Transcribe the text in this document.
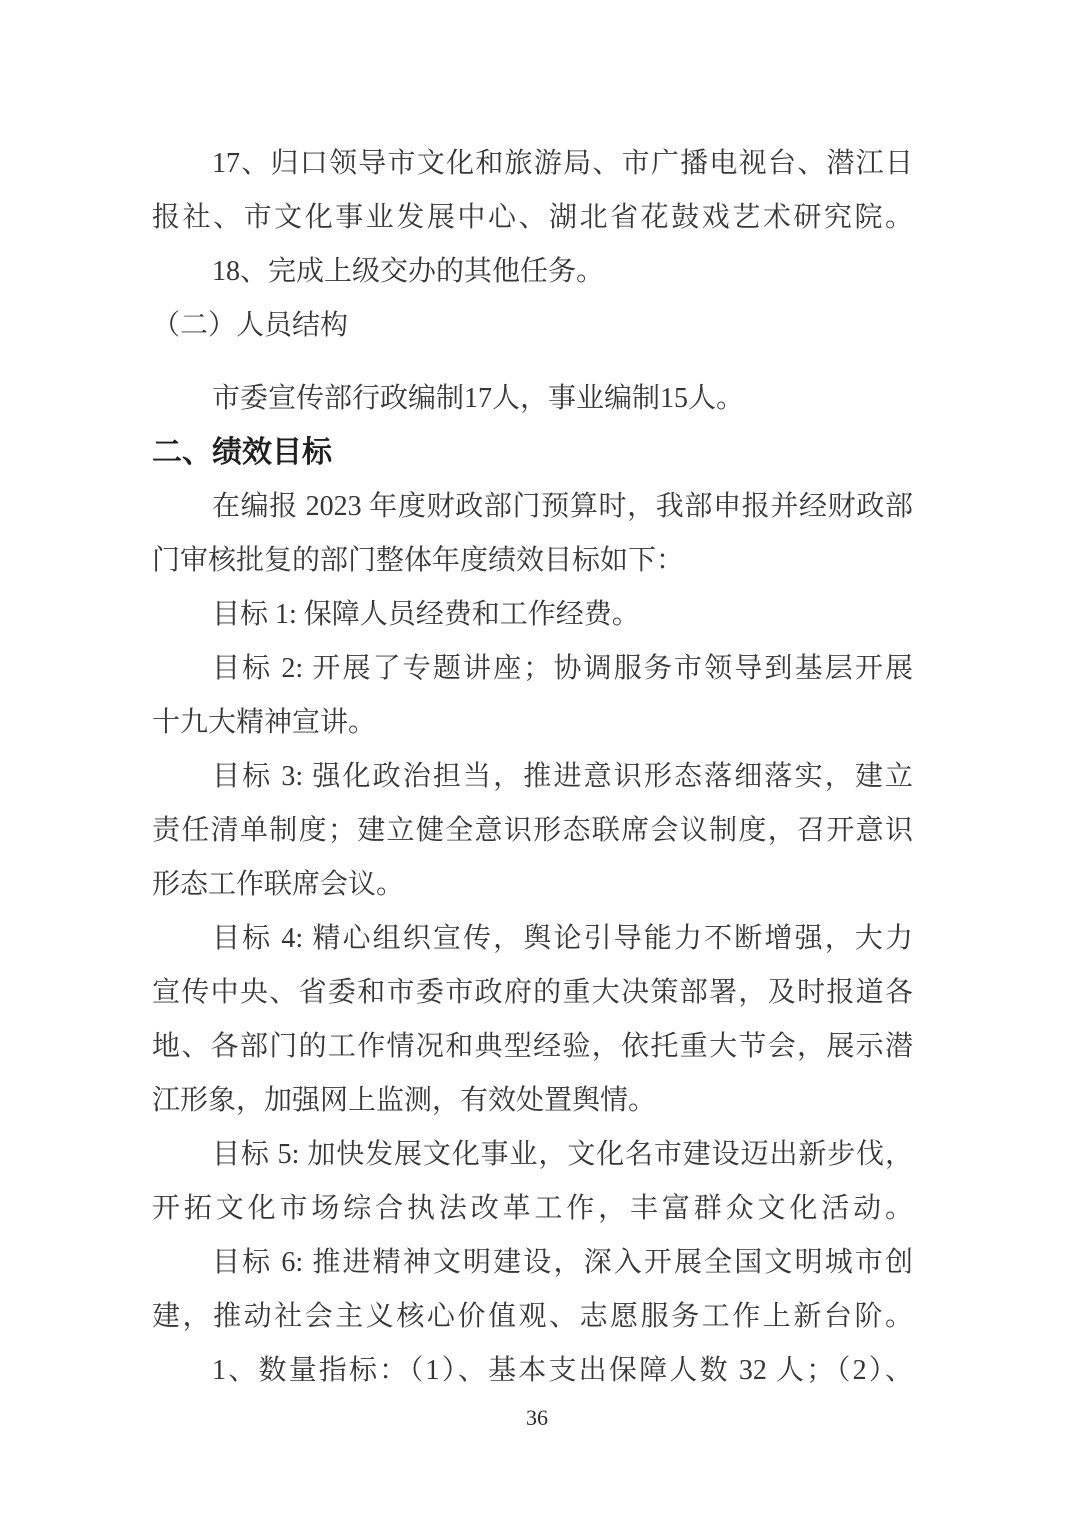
17、归口领导市文化和旅游局、市广播电视台、潜江日

报社、市文化事业发展中心、湖北省花鼓戏艺术研究院。

18、完成上级交办的其他任务。

（二）人员结构

市委宣传部行政编制17人，事业编制15人。

二、绩效目标

在编报 2023 年度财政部门预算时，我部申报并经财政部

门审核批复的部门整体年度绩效目标如下：

目标 1: 保障人员经费和工作经费。

目标 2: 开展了专题讲座；协调服务市领导到基层开展

十九大精神宣讲。

目标 3: 强化政治担当，推进意识形态落细落实，建立

责任清单制度；建立健全意识形态联席会议制度，召开意识

形态工作联席会议。

目标 4: 精心组织宣传，舆论引导能力不断增强，大力

宣传中央、省委和市委市政府的重大决策部署，及时报道各

地、各部门的工作情况和典型经验，依托重大节会，展示潜

江形象，加强网上监测，有效处置舆情。

目标 5: 加快发展文化事业，文化名市建设迈出新步伐，

开拓文化市场综合执法改革工作，丰富群众文化活动。

目标 6: 推进精神文明建设，深入开展全国文明城市创

建，推动社会主义核心价值观、志愿服务工作上新台阶。

1、数量指标：（1）、基本支出保障人数 32 人；（2）、

36
